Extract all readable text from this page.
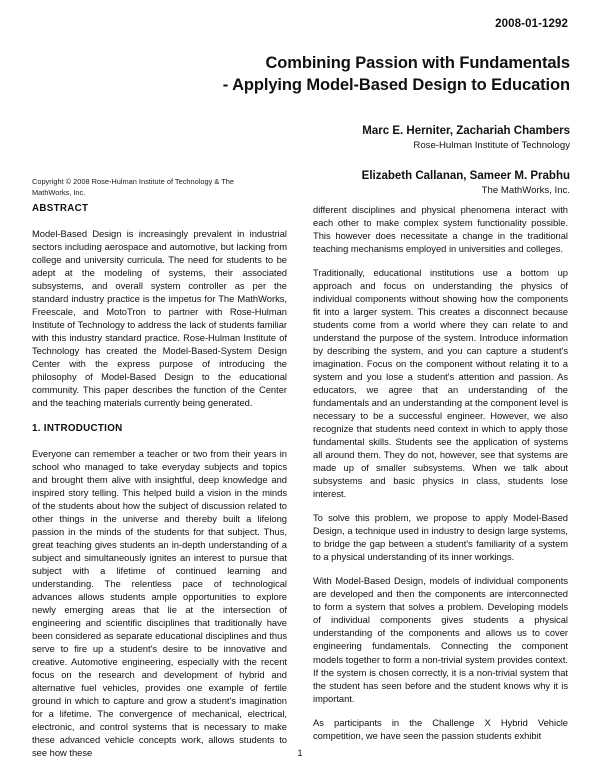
2008-01-1292
Combining Passion with Fundamentals
- Applying Model-Based Design to Education
Marc E. Herniter, Zachariah Chambers
Rose-Hulman Institute of Technology
Elizabeth Callanan, Sameer M. Prabhu
The MathWorks, Inc.
Copyright © 2008 Rose-Hulman Institute of Technology & The MathWorks, Inc.
ABSTRACT

Model-Based Design is increasingly prevalent in industrial sectors including aerospace and automotive, but lacking from college and university curricula. The need for students to be adept at the modeling of systems, their associated subsystems, and overall system controller as per the standard industry practice is the impetus for The MathWorks, Freescale, and MotoTron to partner with Rose-Hulman Institute of Technology to address the lack of students familiar with this industry standard practice. Rose-Hulman Institute of Technology has created the Model-Based-System Design Center with the express purpose of introducing the philosophy of Model-Based Design to the educational community. This paper describes the function of the Center and the teaching materials currently being generated.

1. INTRODUCTION

Everyone can remember a teacher or two from their years in school who managed to take everyday subjects and topics and brought them alive with insightful, deep knowledge and inspired story telling. This helped build a vision in the minds of the students about how the subject of discussion related to other things in the universe and thereby built a lifelong passion in the minds of the students for that subject. Thus, great teaching gives students an in-depth understanding of a subject and simultaneously ignites an interest to pursue that subject with a lifetime of continued learning and understanding. The relentless pace of technological advances allows students ample opportunities to explore newly emerging areas that lie at the intersection of engineering and scientific disciplines that traditionally have been considered as separate educational disciplines and thus serve to fire up a student's desire to be innovative and creative. Automotive engineering, especially with the recent focus on the research and development of hybrid and alternative fuel vehicles, provides one example of fertile ground in which to capture and grow a student's imagination for a lifetime. The convergence of mechanical, electrical, electronic, and control systems that is necessary to make these advanced vehicle concepts work, allows students to see how these

different disciplines and physical phenomena interact with each other to make complex system functionality possible. This however does necessitate a change in the traditional teaching mechanisms employed in universities and colleges.

Traditionally, educational institutions use a bottom up approach and focus on understanding the physics of individual components without showing how the components fit into a larger system. This creates a disconnect because students come from a world where they can relate to and understand the purpose of the system. Introduce information by describing the system, and you can capture a student's imagination. Focus on the component without relating it to a system and you lose a student's attention and passion. As educators, we agree that an understanding of the fundamentals and an understanding at the component level is necessary to be a successful engineer. However, we also recognize that students need context in which to apply those fundamental skills. Students see the application of systems all around them. They do not, however, see that systems are made up of smaller subsystems. When we talk about subsystems and basic physics in class, students lose interest.

To solve this problem, we propose to apply Model-Based Design, a technique used in industry to design large systems, to bridge the gap between a student's familiarity of a system to a physical understanding of its inner workings.

With Model-Based Design, models of individual components are developed and then the components are interconnected to form a system that solves a problem. Developing models of individual components gives students a physical understanding of the components and allows us to cover engineering fundamentals. Connecting the component models together to form a non-trivial system provides context. If the system is chosen correctly, it is a non-trivial system that the student has seen before and the student knows why it is important.

As participants in the Challenge X Hybrid Vehicle competition, we have seen the passion students exhibit

1
